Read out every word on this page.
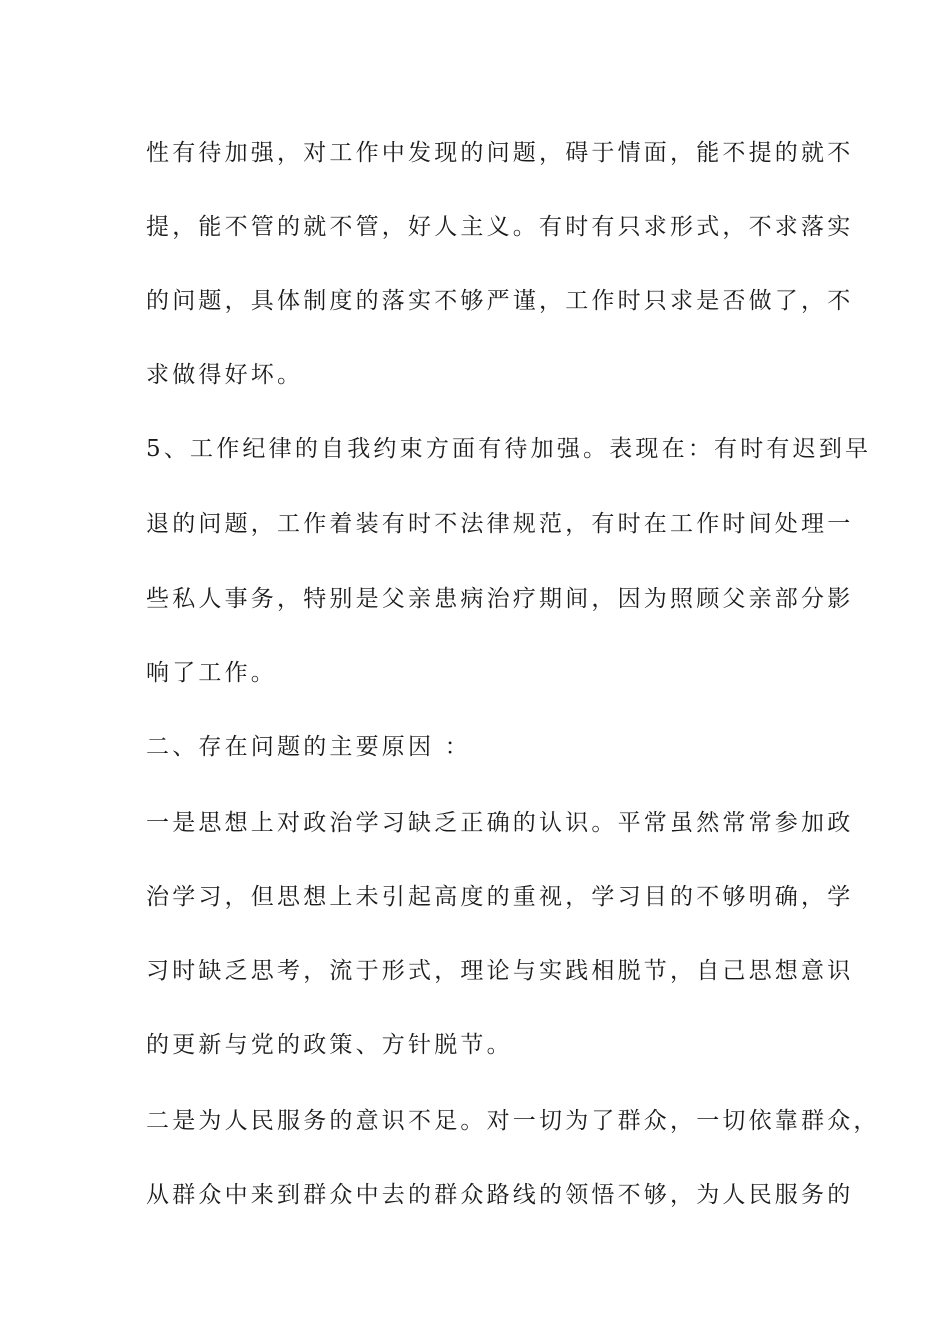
性有待加强，对工作中发现的问题，碍于情面，能不提的就不
提，能不管的就不管，好人主义。有时有只求形式，不求落实
的问题，具体制度的落实不够严谨，工作时只求是否做了，不
求做得好坏。
5、工作纪律的自我约束方面有待加强。表现在：有时有迟到早
退的问题，工作着装有时不法律规范，有时在工作时间处理一
些私人事务，特别是父亲患病治疗期间，因为照顾父亲部分影
响了工作。
二、存在问题的主要原因 ：
一是思想上对政治学习缺乏正确的认识。平常虽然常常参加政
治学习，但思想上未引起高度的重视，学习目的不够明确，学
习时缺乏思考，流于形式，理论与实践相脱节，自己思想意识
的更新与党的政策、方针脱节。
二是为人民服务的意识不足。对一切为了群众，一切依靠群众，
从群众中来到群众中去的群众路线的领悟不够，为人民服务的
